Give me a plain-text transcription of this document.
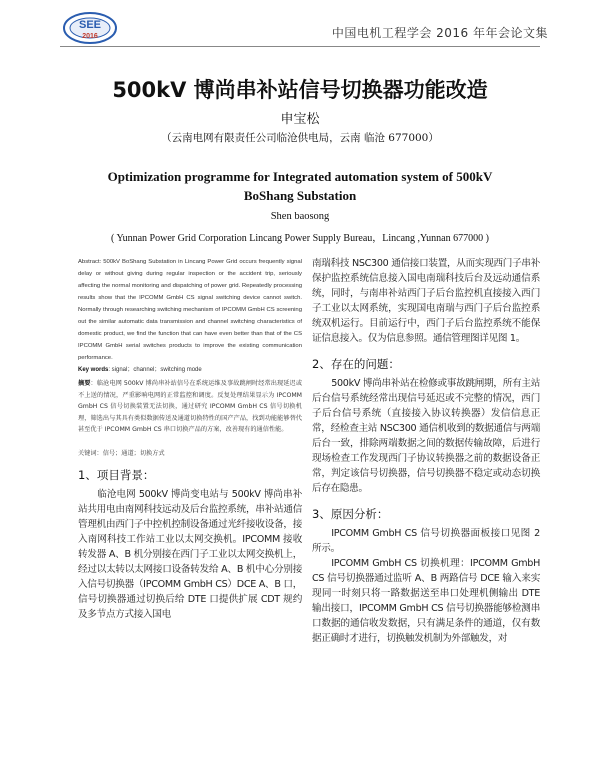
SEE
2016	中国电机工程学会 2016 年年会论文集
500kV 博尚串补站信号切换器功能改造
申宝松
（云南电网有限责任公司临沧供电局，云南 临沧 677000）
Optimization programme for Integrated automation system of 500kV BoShang Substation
Shen baosong
( Yunnan Power Grid Corporation Lincang Power Supply Bureau，Lincang ,Yunnan 677000 )

Abstract: 500kV BoShang Substation in Lincang Power Grid occurs frequently signal delay or without giving during regular inspection or the accident trip, seriously affecting the normal monitoring and dispatching of power grid. Repeatedly processing results show that the IPCOMM GmbH CS signal switching device cannot switch. Normally through researching switching mechanism of IPCOMM GmbH CS screening out the similar automatic data transmission and channel switching characteristics of domestic product, we find the function that can have even better than that of the CS IPCOMM GmbH serial switches products to improve the existing communication performance.

Key words: signal；channel；switching mode

摘要：临沧电网 500kV 博尚串补站信号在系统运维及事故跳闸时经常出现延迟或不上送的情况，严重影响电网的正常监控和调度。反复处理结果显示为 IPCOMM GmbH CS 信号切换装置无法切换，通过研究 IPCOMM GmbH CS 信号切换机理，筛选出与其具有类似数据传送及通道切换特性的国产产品，找到功能能够替代甚至优于 IPCOMM GmbH CS 串口切换产品的方案，改善现有的通信性能。

关键词：信号；通道；切换方式

1、项目背景：

临沧电网 500kV 博尚变电站与 500kV 博尚串补站共用电由南网科技远动及后台监控系统，串补站通信管理机由西门子中控机控制设备通过光纤接收设备，接入南网科技工作站工业以太网交换机。IPCOMM 接收转发器 A、B 机分别接在西门子工业以太网交换机上，经过以太转以太网接口设备转发给 A、B 机中心分别接入信号切换器（IPCOMM GmbH CS）DCE A、B 口，信号切换器通过切换后给 DTE 口提供扩展 CDT 规约及多节点方式接入国电

南瑞科技 NSC300 通信接口装置，从而实现西门子串补保护监控系统信息接入国电南瑞科技后台及远动通信系统，同时，与南串补站西门子后台监控机直接接入西门子工业以太网系统，实现国电南瑞与西门子后台监控系统双机运行。目前运行中，西门子后台监控系统不能保证信息接入。仅为信息参照。通信管理图详见图 1。

2、存在的问题：

500kV 博尚串补站在检修或事故跳闸期，所有主站后台信号系统经常出现信号延迟或不完整的情况，西门子后台信号系统（直接接入协议转换器）发信信息正常，经检查主站 NSC300 通信机收到的数据通信与两端后台一致，排除两端数据之间的数据传输故障，后进行现场检查工作发现西门子协议转换器之前的数据设备正常，判定该信号切换器，信号切换器不稳定或动态切换后存在隐患。

3、原因分析：

IPCOMM GmbH CS 信号切换器面板接口见图 2 所示。

IPCOMM GmbH CS 切换机理：IPCOMM GmbH CS 信号切换器通过监听 A、B 两路信号 DCE 输入来实现同一时刻只将一路数据送至串口处理机侧输出 DTE 输出接口，IPCOMM GmbH CS 信号切换器能够检测串口数据的通信收发数据，只有满足条件的通道，仅有数据正确时才进行，切换触发机制为外部触发，对
